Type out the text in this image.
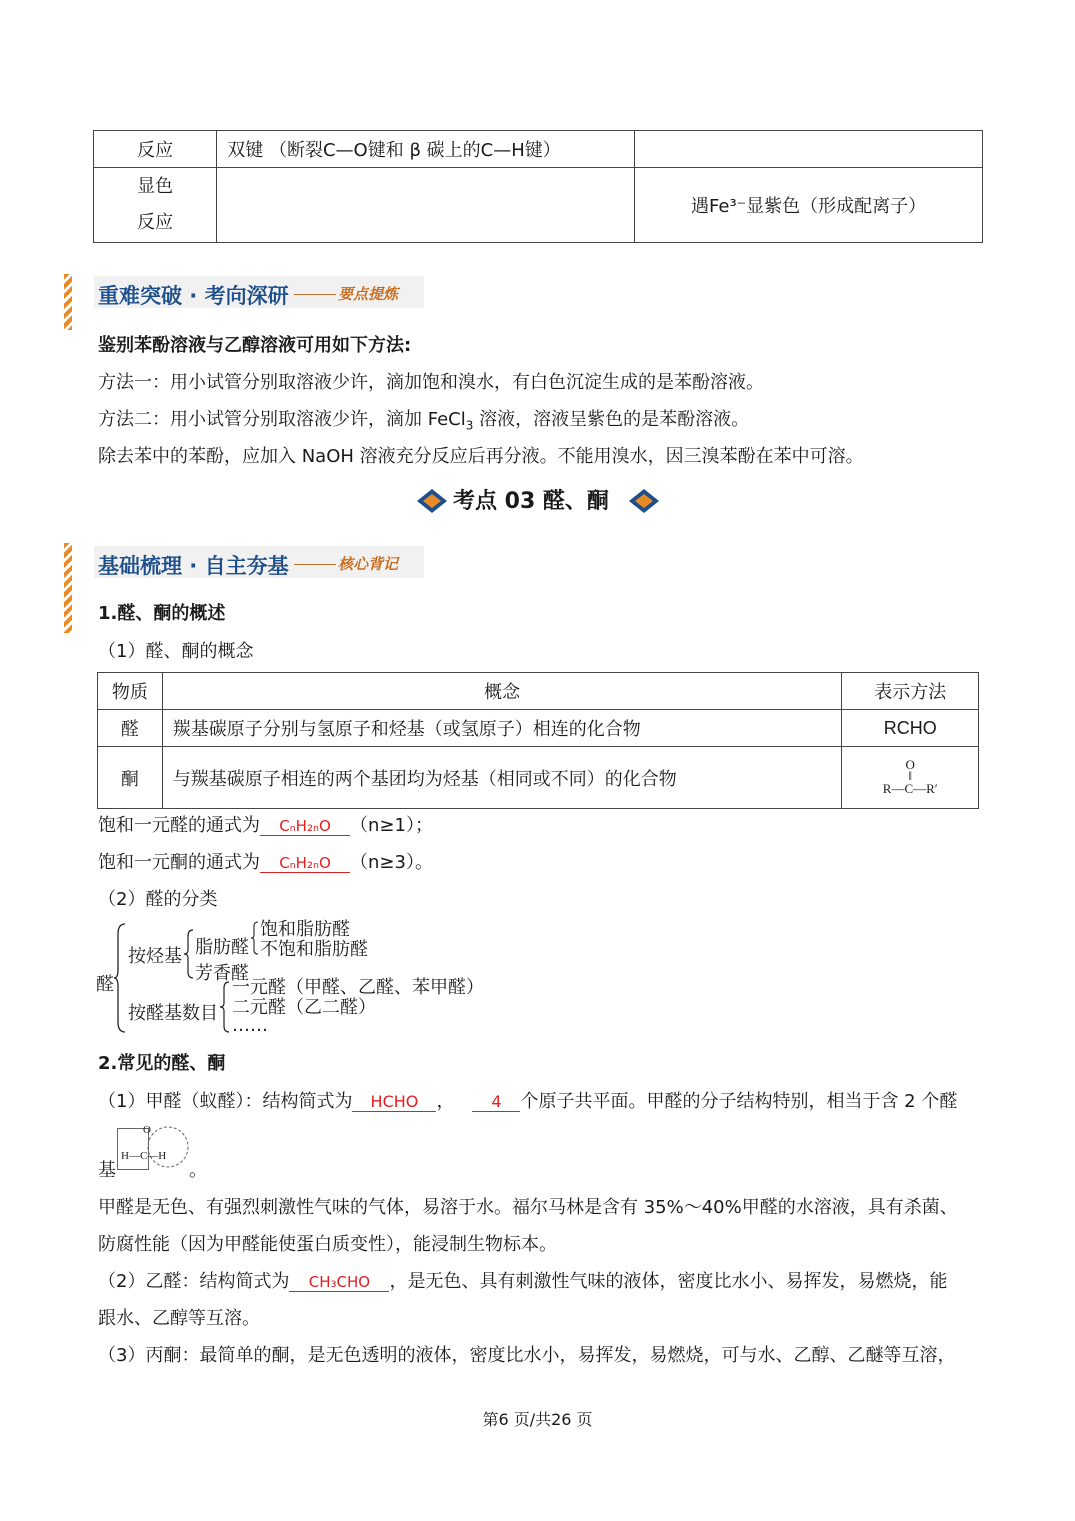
反应	双键 （断裂C—O键和 β 碳上的C—H键）	
显色
反应		遇Fe³⁻显紫色（形成配离子）
重难突破 · 考向深研	要点提炼
鉴别苯酚溶液与乙醇溶液可用如下方法:
方法一：用小试管分别取溶液少许，滴加饱和溴水，有白色沉淀生成的是苯酚溶液。
方法二：用小试管分别取溶液少许，滴加 FeCl$_3$ 溶液，溶液呈紫色的是苯酚溶液。
除去苯中的苯酚，应加入 NaOH 溶液充分反应后再分液。不能用溴水，因三溴苯酚在苯中可溶。
考点 03 醛、酮
基础梳理 · 自主夯基	核心背记
1.醛、酮的概述
（1）醛、酮的概念
物质	概念	表示方法
醛	羰基碳原子分别与氢原子和烃基（或氢原子）相连的化合物	RCHO
酮	与羰基碳原子相连的两个基团均为烃基（相同或不同）的化合物	O
‖
R—C—R′
饱和一元醛的通式为 CₙH₂ₙO （n≥1）；
饱和一元酮的通式为 CₙH₂ₙO （n≥3）。
（2）醛的分类
醛
按烃基 脂肪醛
饱和脂肪醛
不饱和脂肪醛
芳香醛
按醛基数目
一元醛（甲醛、乙醛、苯甲醛）
二元醛（乙二醛）
……
2.常见的醛、酮
（1）甲醛（蚁醛）：结构简式为 HCHO ， 4 个原子共平面。甲醛的分子结构特别，相当于含 2 个醛
基
O
H—C—H
。
甲醛是无色、有强烈刺激性气味的气体，易溶于水。福尔马林是含有 35%～40%甲醛的水溶液，具有杀菌、
防腐性能（因为甲醛能使蛋白质变性），能浸制生物标本。
（2）乙醛：结构简式为 CH₃CHO ，是无色、具有刺激性气味的液体，密度比水小、易挥发，易燃烧，能
跟水、乙醇等互溶。
（3）丙酮：最简单的酮，是无色透明的液体，密度比水小，易挥发，易燃烧，可与水、乙醇、乙醚等互溶，
第6 页/共26 页
